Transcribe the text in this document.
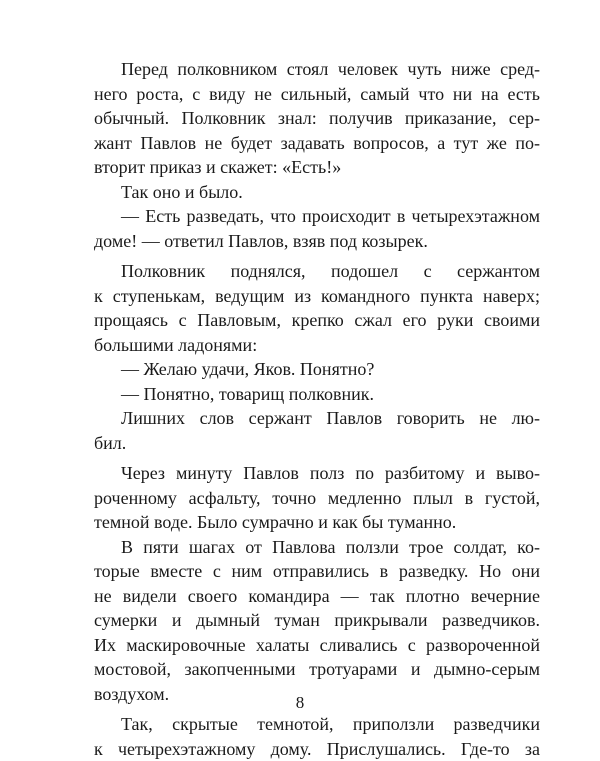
Перед полковником стоял человек чуть ниже сред-
него роста, с виду не сильный, самый что ни на есть
обычный. Полковник знал: получив приказание, сер-
жант Павлов не будет задавать вопросов, а тут же по-
вторит приказ и скажет: «Есть!»
Так оно и было.
— Есть разведать, что происходит в четырехэтажном
доме! — ответил Павлов, взяв под козырек.
Полковник поднялся, подошел с сержантом
к ступенькам, ведущим из командного пункта наверх;
прощаясь с Павловым, крепко сжал его руки своими
большими ладонями:
— Желаю удачи, Яков. Понятно?
— Понятно, товарищ полковник.
Лишних слов сержант Павлов говорить не лю-
бил.
Через минуту Павлов полз по разбитому и выво-
роченному асфальту, точно медленно плыл в густой,
темной воде. Было сумрачно и как бы туманно.
В пяти шагах от Павлова ползли трое солдат, ко-
торые вместе с ним отправились в разведку. Но они
не видели своего командира — так плотно вечерние
сумерки и дымный туман прикрывали разведчиков.
Их маскировочные халаты сливались с развороченной
мостовой, закопченными тротуарами и дымно-серым
воздухом.
Так, скрытые темнотой, приползли разведчики
к четырехэтажному дому. Прислушались. Где-то за
8
